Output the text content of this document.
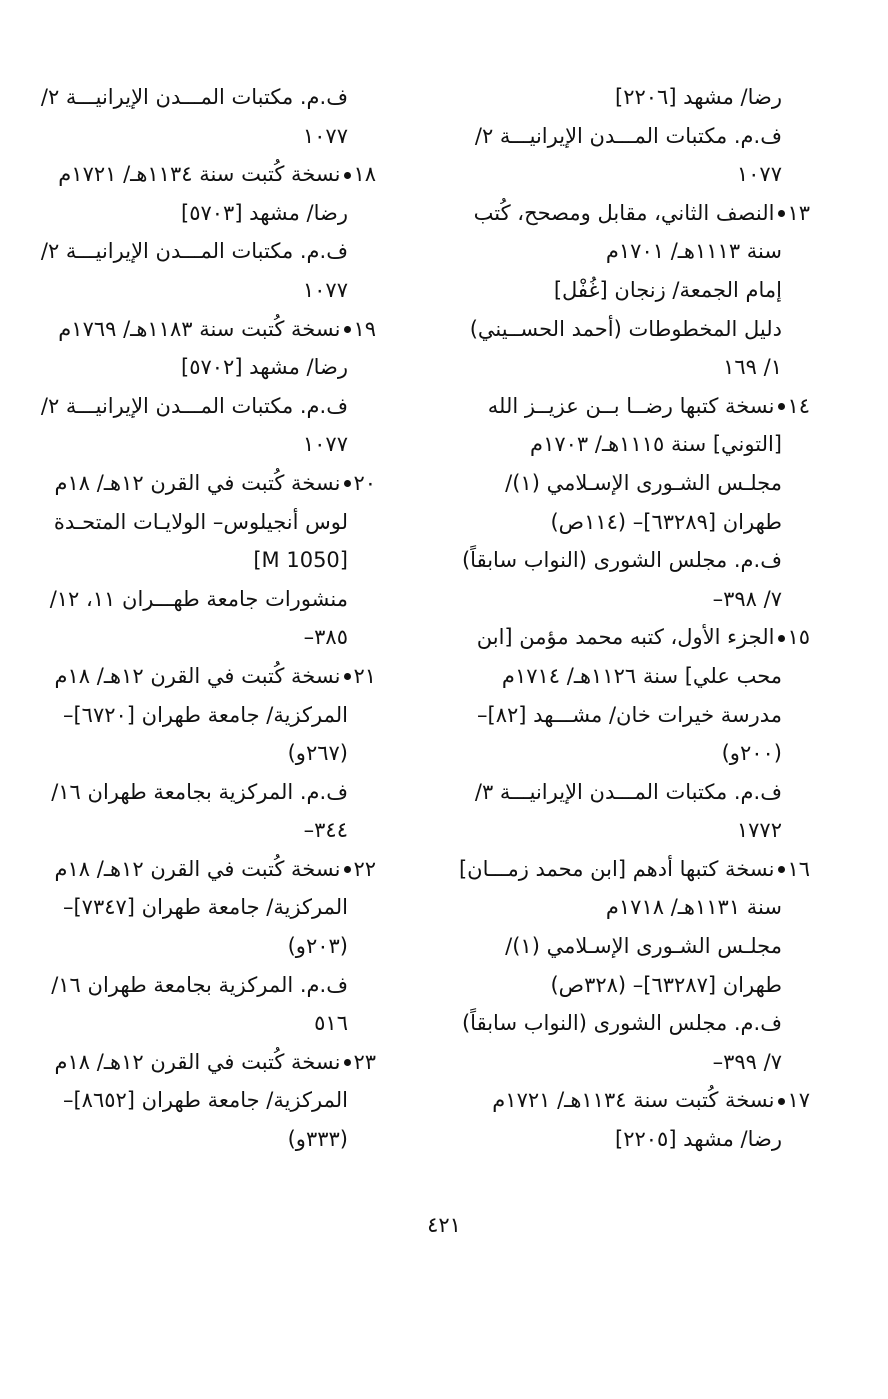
رضا/ مشهد [٢٢٠٦]
ف.م. مكتبات المـــدن الإيرانيـــة ٢/
١٠٧٧
١٣النصف الثاني، مقابل ومصحح، كُتب
سنة ١١١٣هـ/ ١٧٠١م
إمام الجمعة/ زنجان [غُفْل]
دليل المخطوطات (أحمد الحســيني)
١/ ١٦٩
١٤نسخة كتبها رضــا بــن عزيــز الله
[التوني] سنة ١١١٥هـ/ ١٧٠٣م
مجلـس الشـورى الإسـلامي (١)/
طهران [٦٣٢٨٩]– (١١٤ص)
ف.م. مجلس الشورى (النواب سابقاً)
٧/ ٣٩٨–
١٥الجزء الأول، كتبه محمد مؤمن [ابن
محب علي] سنة ١١٢٦هـ/ ١٧١٤م
مدرسة خيرات خان/ مشـــهد [٨٢]–
(٢٠٠و)
ف.م. مكتبات المـــدن الإيرانيـــة ٣/
١٧٧٢
١٦نسخة كتبها أدهم [ابن محمد زمـــان]
سنة ١١٣١هـ/ ١٧١٨م
مجلـس الشـورى الإسـلامي (١)/
طهران [٦٣٢٨٧]– (٣٢٨ص)
ف.م. مجلس الشورى (النواب سابقاً)
٧/ ٣٩٩–
١٧نسخة كُتبت سنة ١١٣٤هـ/ ١٧٢١م
رضا/ مشهد [٢٢٠٥]
ف.م. مكتبات المـــدن الإيرانيـــة ٢/
١٠٧٧
١٨نسخة كُتبت سنة ١١٣٤هـ/ ١٧٢١م
رضا/ مشهد [٥٧٠٣]
ف.م. مكتبات المـــدن الإيرانيـــة ٢/
١٠٧٧
١٩نسخة كُتبت سنة ١١٨٣هـ/ ١٧٦٩م
رضا/ مشهد [٥٧٠٢]
ف.م. مكتبات المـــدن الإيرانيـــة ٢/
١٠٧٧
٢٠نسخة كُتبت في القرن ١٢هـ/ ١٨م
لوس أنجيلوس– الولايـات المتحـدة
[M 1050]
منشورات جامعة طهـــران ١١، ١٢/
٣٨٥–
٢١نسخة كُتبت في القرن ١٢هـ/ ١٨م
المركزية/ جامعة طهران [٦٧٢٠]–
(٢٦٧و)
ف.م. المركزية بجامعة طهران ١٦/
٣٤٤–
٢٢نسخة كُتبت في القرن ١٢هـ/ ١٨م
المركزية/ جامعة طهران [٧٣٤٧]–
(٢٠٣و)
ف.م. المركزية بجامعة طهران ١٦/
٥١٦
٢٣نسخة كُتبت في القرن ١٢هـ/ ١٨م
المركزية/ جامعة طهران [٨٦٥٢]–
(٣٣٣و)
٤٢١
